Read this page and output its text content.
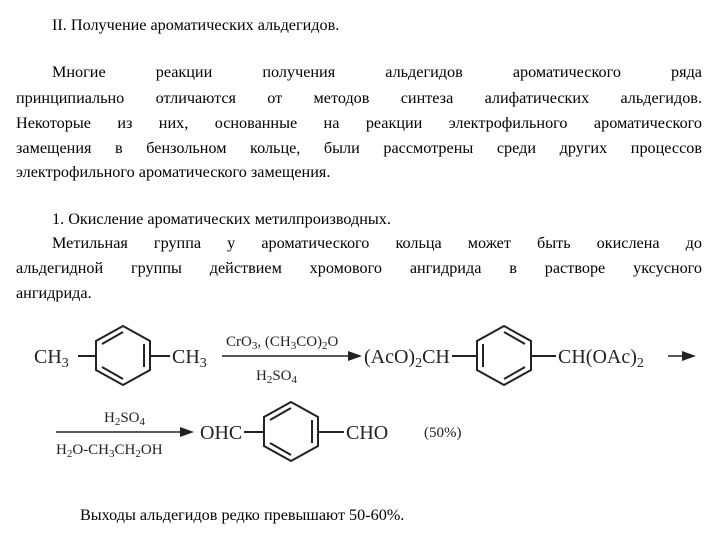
II. Получение ароматических альдегидов.
Многие реакции получения альдегидов ароматического ряда
принципиально отличаются от методов синтеза алифатических альдегидов.
Некоторые из них, основанные на реакции электрофильного ароматического
замещения в бензольном кольце, были рассмотрены среди других процессов
электрофильного ароматического замещения.
1. Окисление ароматических метилпроизводных.
Метильная группа у ароматического кольца может быть окислена до
альдегидной группы действием хромового ангидрида в растворе уксусного
ангидрида.
$CH_3$	$CH_3$
CrO$_3$, $(CH_3CO)_2O$
$H_2SO_4$
$(AcO)_2CH$	$CH(OAc)_2$
$H_2SO_4$
$H_2O-CH_3CH_2OH$
OHC	CHO (50%)
Выходы альдегидов редко превышают 50-60%.
